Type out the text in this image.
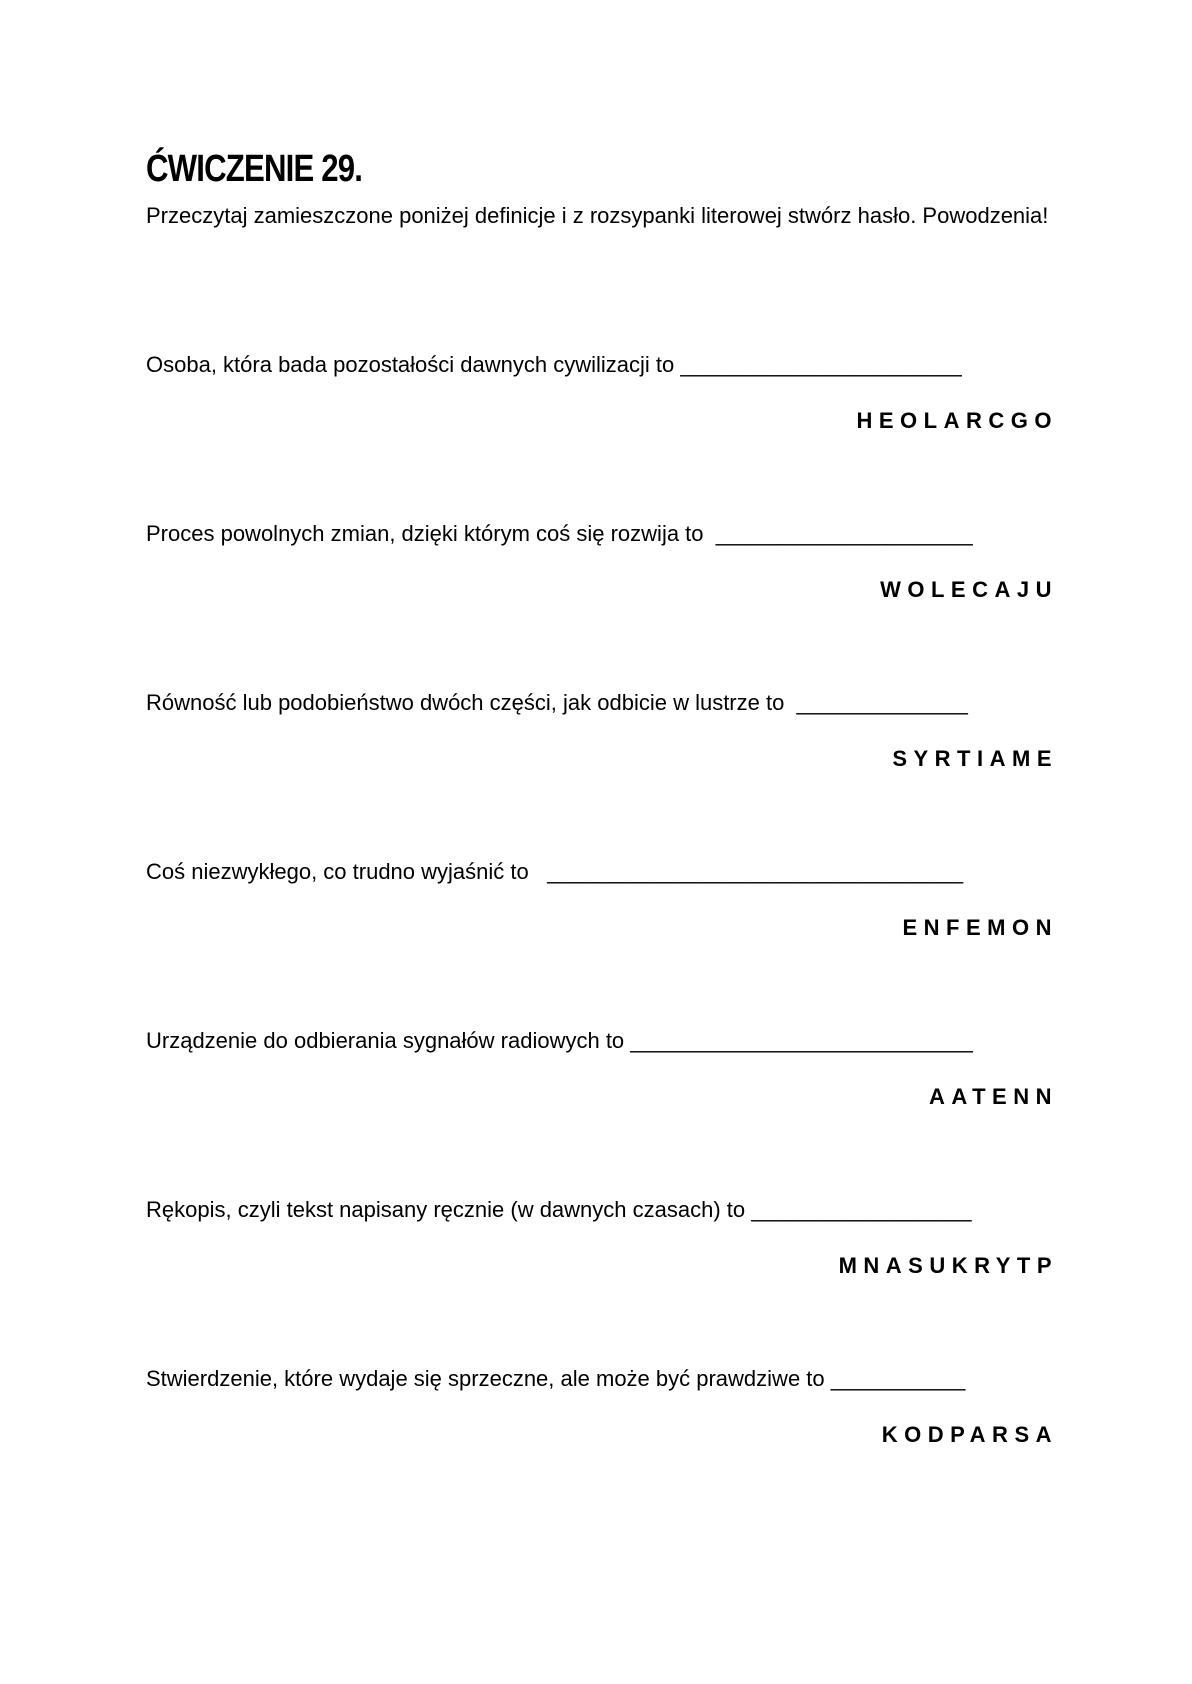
ĆWICZENIE 29.

Przeczytaj zamieszczone poniżej definicje i z rozsypanki literowej stwórz hasło. Powodzenia!

Osoba, która bada pozostałości dawnych cywilizacji to _______________________

HEOLARCGO

Proces powolnych zmian, dzięki którym coś się rozwija to  _____________________

WOLECAJU

Równość lub podobieństwo dwóch części, jak odbicie w lustrze to  ______________

SYRTIAME

Coś niezwykłego, co trudno wyjaśnić to   __________________________________

ENFEMON

Urządzenie do odbierania sygnałów radiowych to ____________________________

AATENN

Rękopis, czyli tekst napisany ręcznie (w dawnych czasach) to __________________

MNASUKRYTP

Stwierdzenie, które wydaje się sprzeczne, ale może być prawdziwe to ___________

KODPARSA
